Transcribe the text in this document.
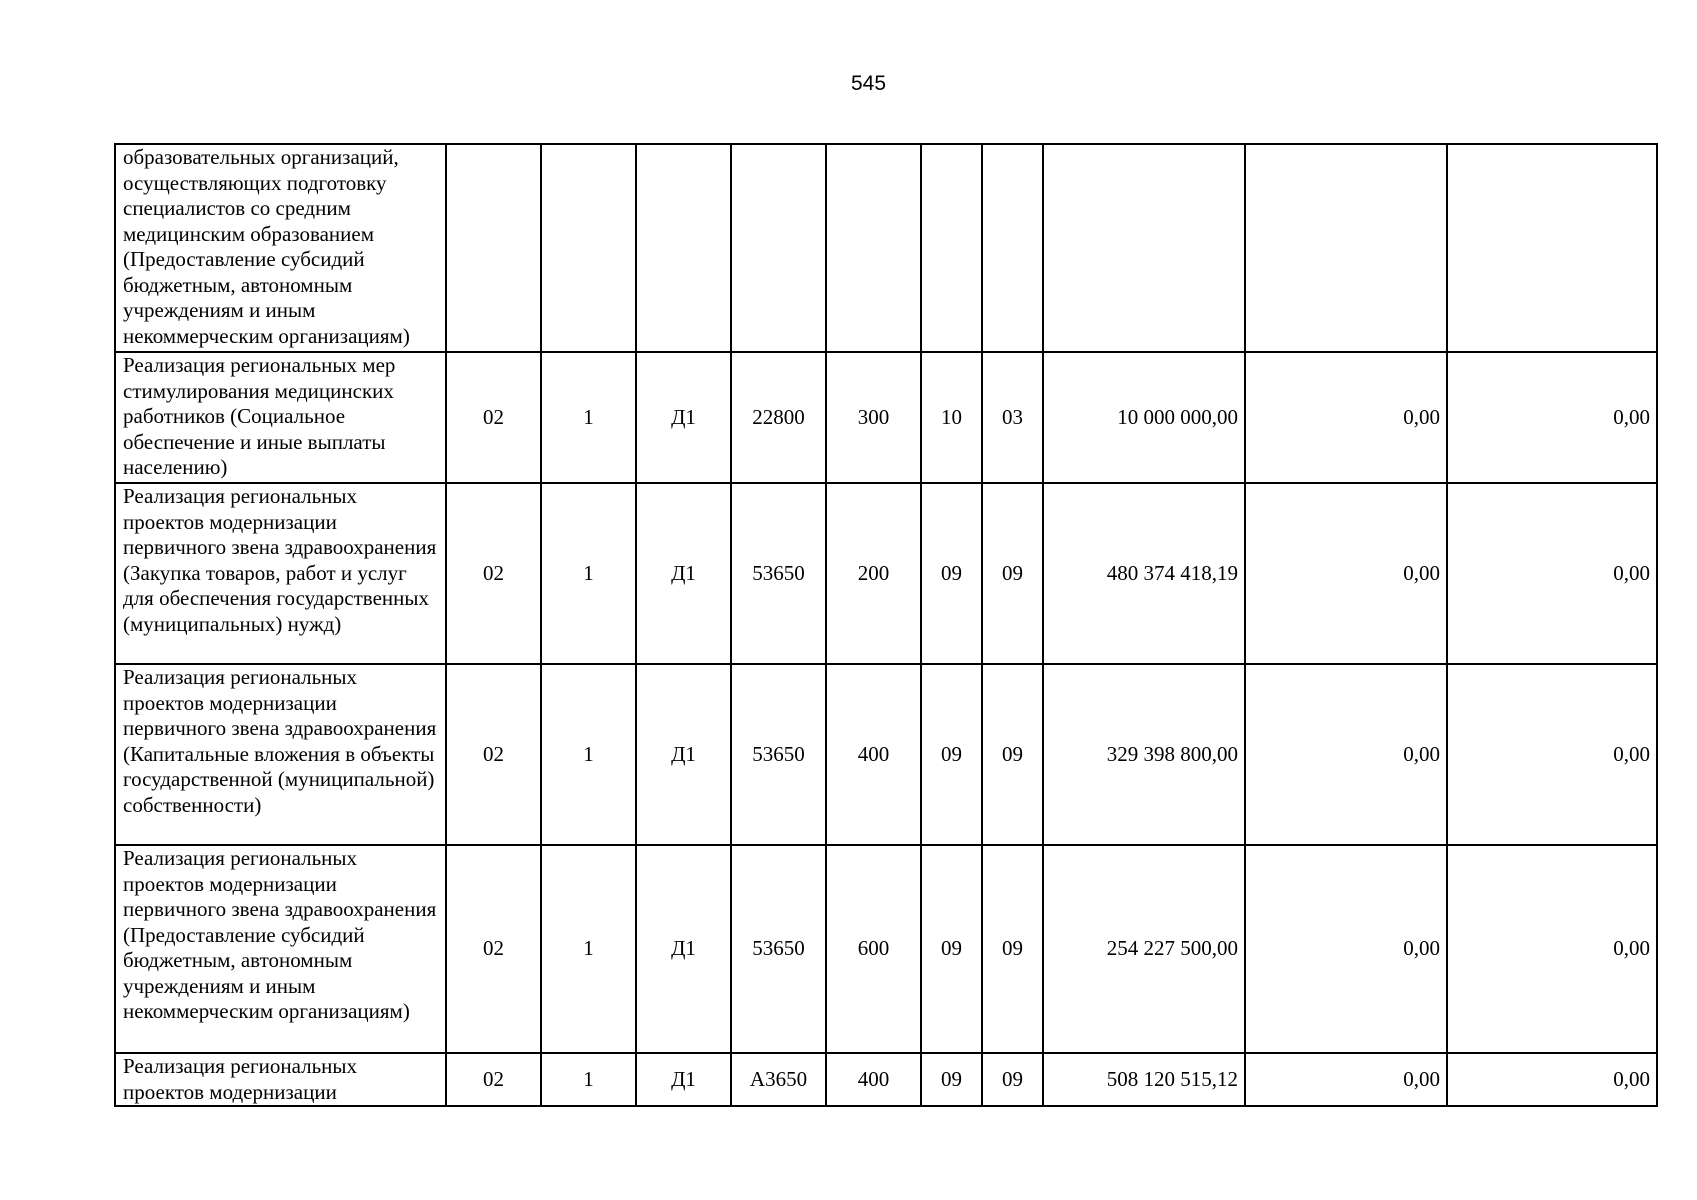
545
образовательных организаций, осуществляющих подготовку специалистов со средним медицинским образованием (Предоставление субсидий бюджетным, автономным учреждениям и иным некоммерческим организациям)										
Реализация региональных мер стимулирования медицинских работников (Социальное обеспечение и иные выплаты населению)	02	1	Д1	22800	300	10	03	10 000 000,00	0,00	0,00
Реализация региональных проектов модернизации первичного звена здравоохранения (Закупка товаров, работ и услуг для обеспечения государственных (муниципальных) нужд)	02	1	Д1	53650	200	09	09	480 374 418,19	0,00	0,00
Реализация региональных проектов модернизации первичного звена здравоохранения (Капитальные вложения в объекты государственной (муниципальной) собственности)	02	1	Д1	53650	400	09	09	329 398 800,00	0,00	0,00
Реализация региональных проектов модернизации первичного звена здравоохранения (Предоставление субсидий бюджетным, автономным учреждениям и иным некоммерческим организациям)	02	1	Д1	53650	600	09	09	254 227 500,00	0,00	0,00
Реализация региональных проектов модернизации	02	1	Д1	А3650	400	09	09	508 120 515,12	0,00	0,00
